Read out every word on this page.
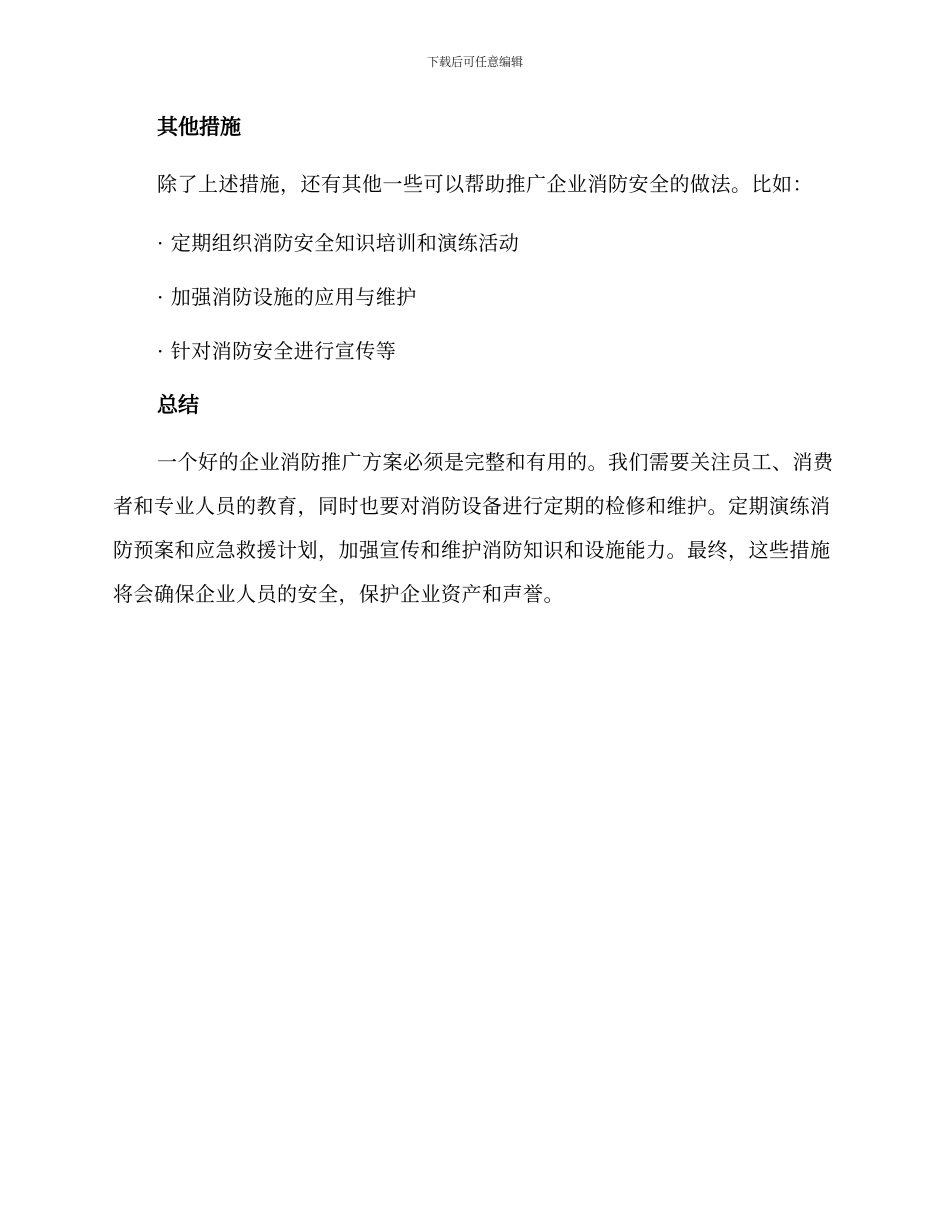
下载后可任意编辑
其他措施

除了上述措施，还有其他一些可以帮助推广企业消防安全的做法。比如：

· 定期组织消防安全知识培训和演练活动

· 加强消防设施的应用与维护

· 针对消防安全进行宣传等

总结

一个好的企业消防推广方案必须是完整和有用的。我们需要关注员工、消费者和专业人员的教育，同时也要对消防设备进行定期的检修和维护。定期演练消防预案和应急救援计划，加强宣传和维护消防知识和设施能力。最终，这些措施将会确保企业人员的安全，保护企业资产和声誉。
